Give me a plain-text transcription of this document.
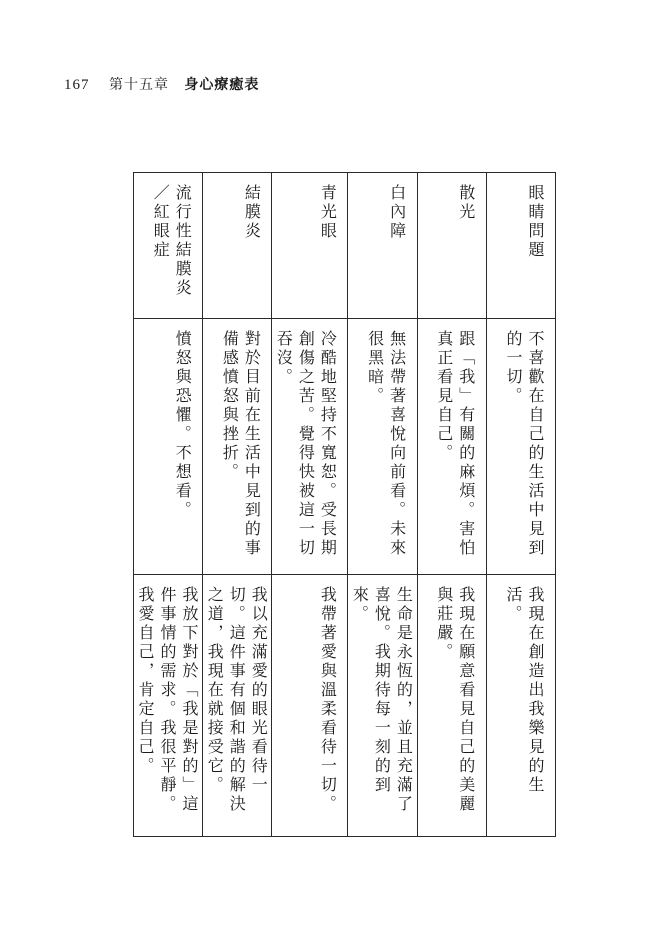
167 第十五章 身心療癒表
眼睛問題
不喜歡在自己的生活中見到的一切。
我現在創造出我樂見的生活。
散光
跟「我」有關的麻煩。害怕真正看見自己。
我現在願意看見自己的美麗與莊嚴。
白內障
無法帶著喜悅向前看。未來很黑暗。
生命是永恆的，並且充滿了喜悅。我期待每一刻的到來。
青光眼
冷酷地堅持不寬恕。受長期創傷之苦。覺得快被這一切吞沒。
我帶著愛與溫柔看待一切。
結膜炎
對於目前在生活中見到的事備感憤怒與挫折。
我以充滿愛的眼光看待一切。這件事有個和諧的解決之道，我現在就接受它。
流行性結膜炎／紅眼症
憤怒與恐懼。不想看。
我放下對於「我是對的」這件事情的需求。我很平靜。我愛自己，肯定自己。
